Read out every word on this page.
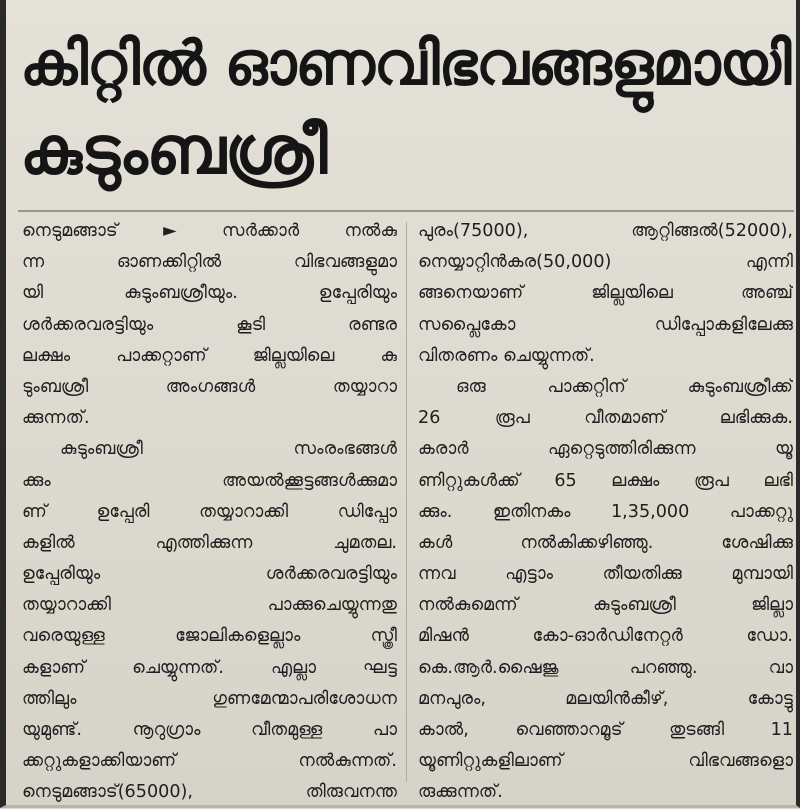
കിറ്റിൽ ഓണവിഭവങ്ങളുമായി
കുടുംബശ്രീ
നെടുമങ്ങാട് ► സർക്കാർ നൽകു
ന്ന ഓണക്കിറ്റിൽ വിഭവങ്ങളുമാ
യി കുടുംബശ്രീയും. ഉപ്പേരിയും
ശർക്കരവരട്ടിയും കൂടി രണ്ടര
ലക്ഷം പാക്കറ്റാണ് ജില്ലയിലെ കു
ടുംബശ്രീ അംഗങ്ങൾ തയ്യാറാ
ക്കുന്നത്.
കുടുംബശ്രീ സംരംഭങ്ങൾ
ക്കും അയൽക്കൂട്ടങ്ങൾക്കുമാ
ണ് ഉപ്പേരി തയ്യാറാക്കി ഡിപ്പോ
കളിൽ എത്തിക്കുന്ന ചുമതല.
ഉപ്പേരിയും ശർക്കരവരട്ടിയും
തയ്യാറാക്കി പാക്കുചെയ്യുന്നതു
വരെയുള്ള ജോലികളെല്ലാം സ്ത്രീ
കളാണ് ചെയ്യുന്നത്. എല്ലാ ഘട്ട
ത്തിലും ഗുണമേന്മാപരിശോധന
യുമുണ്ട്. നൂറുഗ്രാം വീതമുള്ള പാ
ക്കറ്റുകളാക്കിയാണ് നൽകുന്നത്.
നെടുമങ്ങാട്(65000), തിരുവനന്ത
പുരം(75000), ആറ്റിങ്ങൽ(52000),
നെയ്യാറ്റിൻകര(50,000) എന്നി
ങ്ങനെയാണ് ജില്ലയിലെ അഞ്ച്
സപ്ലൈകോ ഡിപ്പോകളിലേക്കു
വിതരണം ചെയ്യുന്നത്.
ഒരു പാക്കറ്റിന് കുടുംബശ്രീക്ക്
26 രൂപ വീതമാണ് ലഭിക്കുക.
കരാർ ഏറ്റെടുത്തിരിക്കുന്ന യൂ
ണിറ്റുകൾക്ക് 65 ലക്ഷം രൂപ ലഭി
ക്കും. ഇതിനകം 1,35,000 പാക്കറ്റു
കൾ നൽകിക്കഴിഞ്ഞു. ശേഷിക്കു
ന്നവ എട്ടാം തീയതിക്കു മുമ്പായി
നൽകുമെന്ന് കുടുംബശ്രീ ജില്ലാ
മിഷൻ കോ-ഓർഡിനേറ്റർ ഡോ.
കെ.ആർ.ഷൈജു പറഞ്ഞു. വാ
മനപുരം, മലയിൻകീഴ്, കോട്ടു
കാൽ, വെഞ്ഞാറമൂട് തുടങ്ങി 11
യൂണിറ്റുകളിലാണ് വിഭവങ്ങളൊ
രുക്കുന്നത്.
